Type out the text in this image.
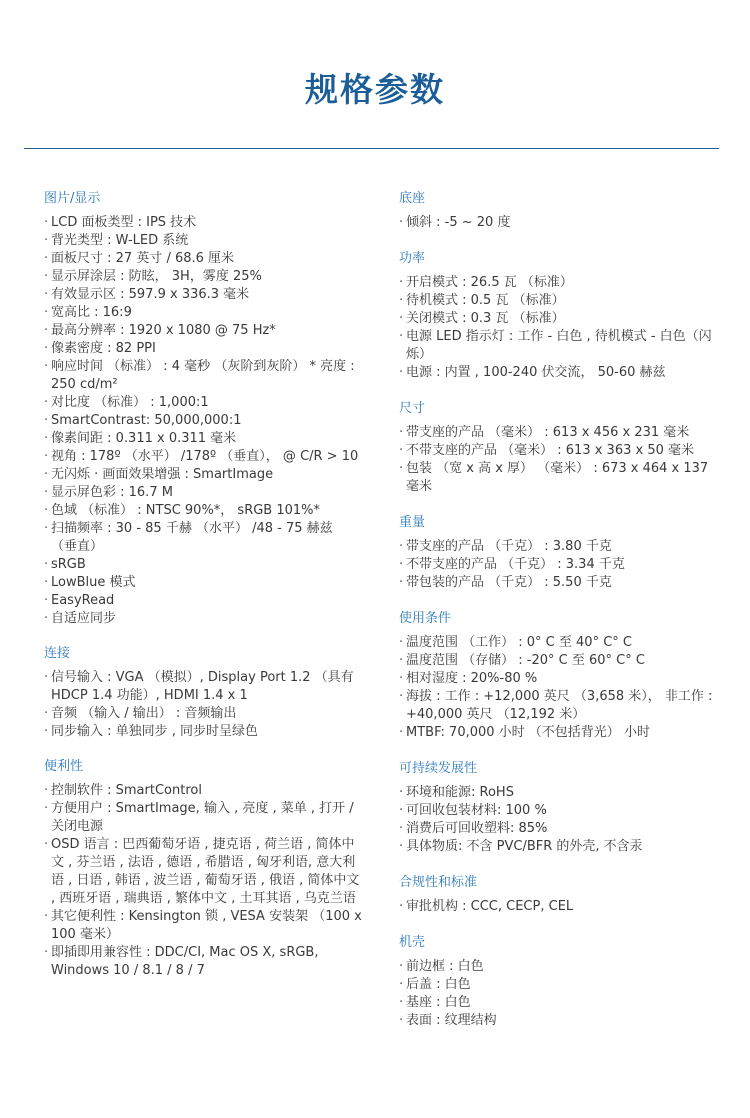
规格参数
图片/显示
· LCD 面板类型 : IPS 技术
· 背光类型 : W-LED 系统
· 面板尺寸 : 27 英寸 / 68.6 厘米
· 显示屏涂层 : 防眩， 3H，雾度 25%
· 有效显示区 : 597.9 x 336.3 毫米
· 宽高比 : 16:9
· 最高分辨率 : 1920 x 1080 @ 75 Hz*
· 像素密度 : 82 PPI
· 响应时间 （标准） : 4 毫秒 （灰阶到灰阶） * 亮度 : 250 cd/m²
· 对比度 （标准） : 1,000:1
· SmartContrast: 50,000,000:1
· 像素间距 : 0.311 x 0.311 毫米
· 视角 : 178º （水平） /178º （垂直）， @ C/R > 10
· 无闪烁 · 画面效果增强 : SmartImage
· 显示屏色彩 : 16.7 M
· 色域 （标准） : NTSC 90%*， sRGB 101%*
· 扫描频率 : 30 - 85 千赫 （水平） /48 - 75 赫兹 （垂直）
· sRGB
· LowBlue 模式
· EasyRead
· 自适应同步
连接
· 信号输入 : VGA （模拟）, Display Port 1.2 （具有 HDCP 1.4 功能）, HDMI 1.4 x 1
· 音频 （输入 / 输出） : 音频输出
· 同步输入 : 单独同步 , 同步时呈绿色
便利性
· 控制软件 : SmartControl
· 方便用户 : SmartImage, 输入 , 亮度 , 菜单 , 打开 / 关闭电源
· OSD 语言 : 巴西葡萄牙语 , 捷克语 , 荷兰语 , 简体中文 , 芬兰语 , 法语 , 德语 , 希腊语 , 匈牙利语, 意大利语 , 日语 , 韩语 , 波兰语 , 葡萄牙语 , 俄语 , 简体中文 , 西班牙语 , 瑞典语 , 繁体中文 , 土耳其语 , 乌克兰语
· 其它便利性 : Kensington 锁 , VESA 安装架 （100 x 100 毫米）
· 即插即用兼容性 : DDC/CI, Mac OS X, sRGB, Windows 10 / 8.1 / 8 / 7
底座
· 倾斜 : -5 ~ 20 度
功率
· 开启模式 : 26.5 瓦 （标准）
· 待机模式 : 0.5 瓦 （标准）
· 关闭模式 : 0.3 瓦 （标准）
· 电源 LED 指示灯 : 工作 - 白色 , 待机模式 - 白色（闪烁）
· 电源 : 内置 , 100-240 伏交流， 50-60 赫兹
尺寸
· 带支座的产品 （毫米） : 613 x 456 x 231 毫米
· 不带支座的产品 （毫米） : 613 x 363 x 50 毫米
· 包装 （宽 x 高 x 厚） （毫米） : 673 x 464 x 137 毫米
重量
· 带支座的产品 （千克） : 3.80 千克
· 不带支座的产品 （千克） : 3.34 千克
· 带包装的产品 （千克） : 5.50 千克
使用条件
· 温度范围 （工作） : 0° C 至 40° C° C
· 温度范围 （存储） : -20° C 至 60° C° C
· 相对湿度 : 20%-80 %
· 海拔 : 工作 : +12,000 英尺 （3,658 米）， 非工作 : +40,000 英尺 （12,192 米）
· MTBF: 70,000 小时 （不包括背光） 小时
可持续发展性
· 环境和能源: RoHS
· 可回收包装材料: 100 %
· 消费后可回收塑料: 85%
· 具体物质: 不含 PVC/BFR 的外壳, 不含汞
合规性和标准
· 审批机构 : CCC, CECP, CEL
机壳
· 前边框 : 白色
· 后盖 : 白色
· 基座 : 白色
· 表面 : 纹理结构
